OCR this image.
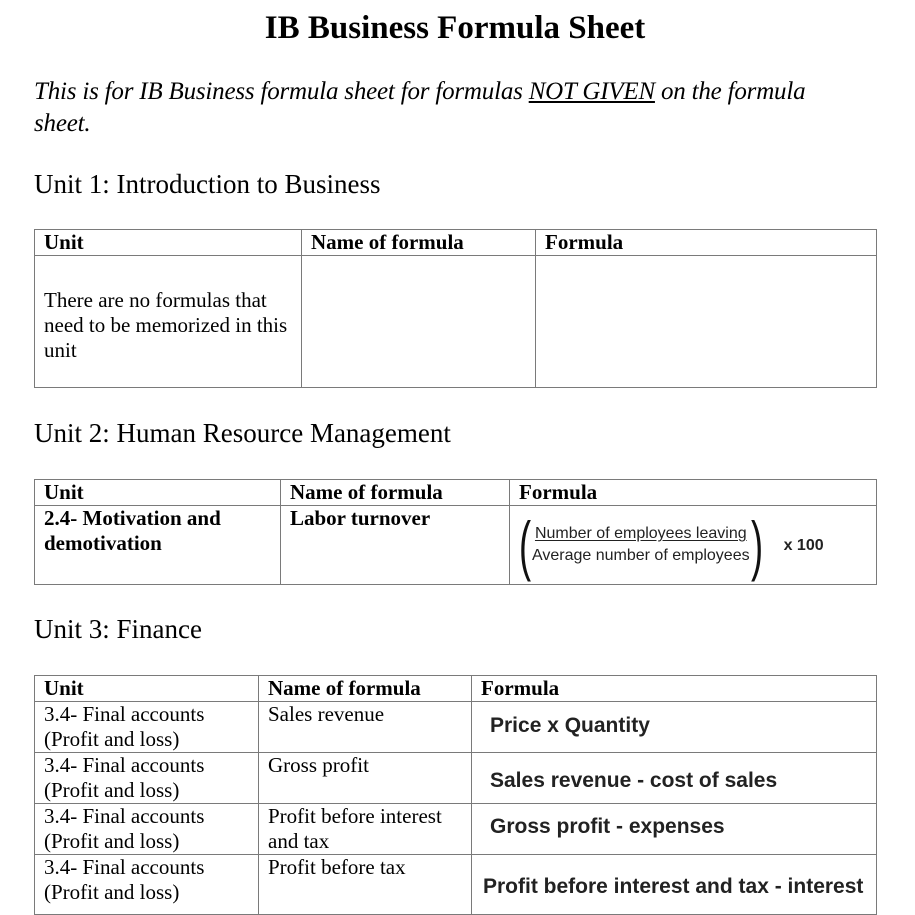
IB Business Formula Sheet

This is for IB Business formula sheet for formulas NOT GIVEN on the formula sheet.

Unit 1: Introduction to Business
Unit	Name of formula	Formula
There are no formulas that need to be memorized in this unit		
Unit 2: Human Resource Management
Unit	Name of formula	Formula
2.4- Motivation and demotivation	Labor turnover	( $\frac{\text{Number of employees leaving}}{\text{Average number of employees}}$ ) x 100
Unit 3: Finance
Unit	Name of formula	Formula
3.4- Final accounts (Profit and loss)	Sales revenue	Price x Quantity
3.4- Final accounts (Profit and loss)	Gross profit	Sales revenue - cost of sales
3.4- Final accounts (Profit and loss)	Profit before interest and tax	Gross profit - expenses
3.4- Final accounts (Profit and loss)	Profit before tax	Profit before interest and tax - interest
